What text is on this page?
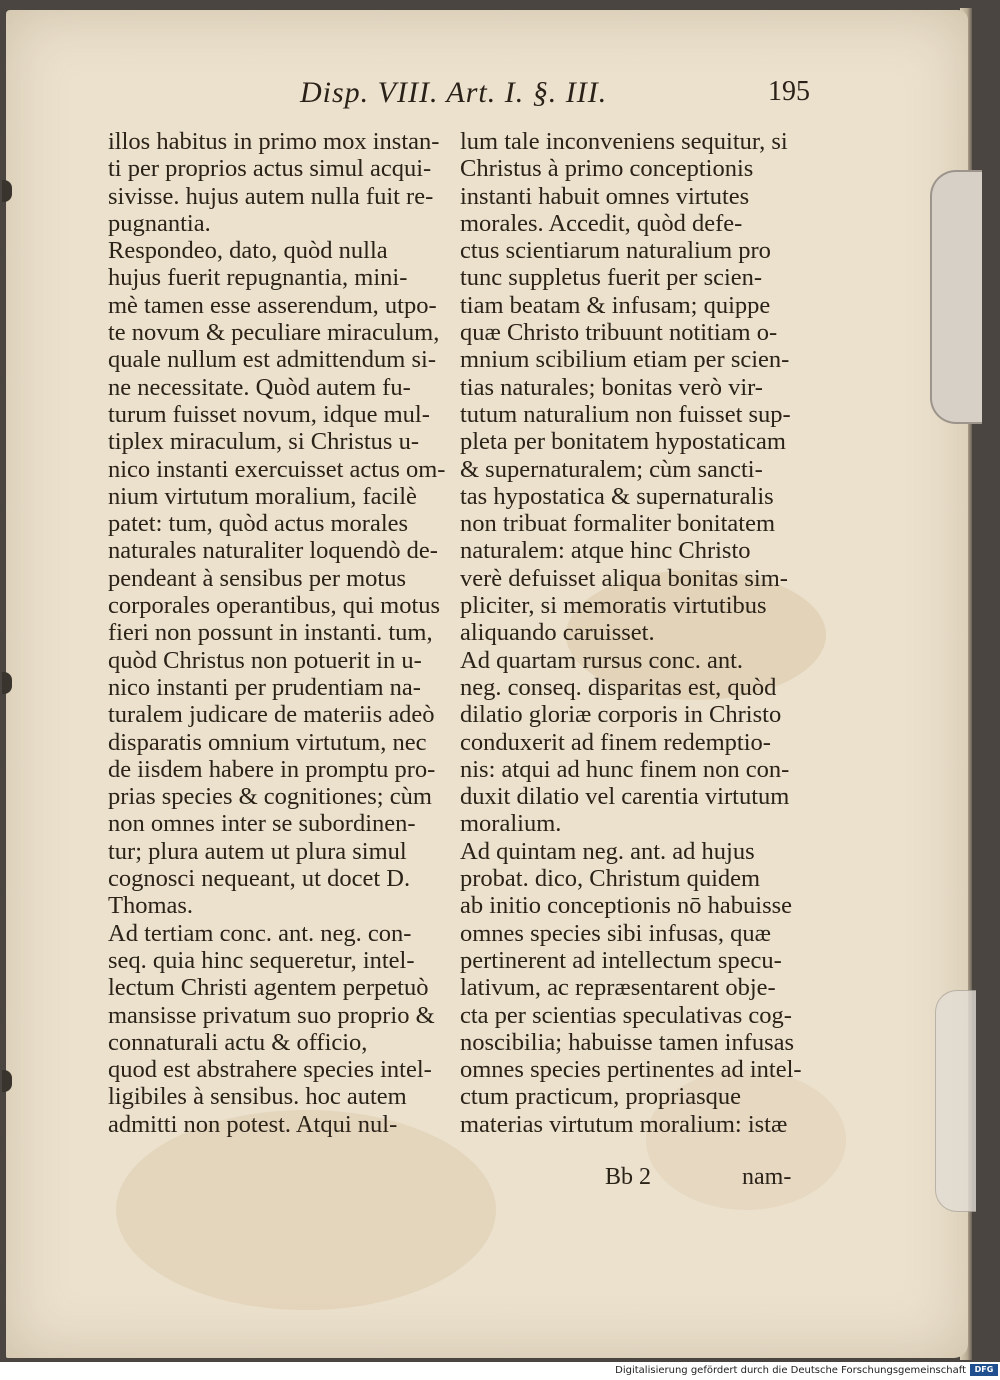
Disp. VIII. Art. I. §. III.	195
illos habitus in primo mox instan-
ti per proprios actus simul acqui-
sivisse. hujus autem nulla fuit re-
pugnantia.
Respondeo, dato, quòd nulla
hujus fuerit repugnantia, mini-
mè tamen esse asserendum, utpo-
te novum & peculiare miraculum,
quale nullum est admittendum si-
ne necessitate. Quòd autem fu-
turum fuisset novum, idque mul-
tiplex miraculum, si Christus u-
nico instanti exercuisset actus om-
nium virtutum moralium, facilè
patet: tum, quòd actus morales
naturales naturaliter loquendò de-
pendeant à sensibus per motus
corporales operantibus, qui motus
fieri non possunt in instanti. tum,
quòd Christus non potuerit in u-
nico instanti per prudentiam na-
turalem judicare de materiis adeò
disparatis omnium virtutum, nec
de iisdem habere in promptu pro-
prias species & cognitiones; cùm
non omnes inter se subordinen-
tur; plura autem ut plura simul
cognosci nequeant, ut docet D.
Thomas.
Ad tertiam conc. ant. neg. con-
seq. quia hinc sequeretur, intel-
lectum Christi agentem perpetuò
mansisse privatum suo proprio &
connaturali actu & officio,
quod est abstrahere species intel-
ligibiles à sensibus. hoc autem
admitti non potest. Atqui nul-
lum tale inconveniens sequitur, si
Christus à primo conceptionis
instanti habuit omnes virtutes
morales. Accedit, quòd defe-
ctus scientiarum naturalium pro
tunc suppletus fuerit per scien-
tiam beatam & infusam; quippe
quæ Christo tribuunt notitiam o-
mnium scibilium etiam per scien-
tias naturales; bonitas verò vir-
tutum naturalium non fuisset sup-
pleta per bonitatem hypostaticam
& supernaturalem; cùm sancti-
tas hypostatica & supernaturalis
non tribuat formaliter bonitatem
naturalem: atque hinc Christo
verè defuisset aliqua bonitas sim-
pliciter, si memoratis virtutibus
aliquando caruisset.
Ad quartam rursus conc. ant.
neg. conseq. disparitas est, quòd
dilatio gloriæ corporis in Christo
conduxerit ad finem redemptio-
nis: atqui ad hunc finem non con-
duxit dilatio vel carentia virtutum
moralium.
Ad quintam neg. ant. ad hujus
probat. dico, Christum quidem
ab initio conceptionis nō habuisse
omnes species sibi infusas, quæ
pertinerent ad intellectum specu-
lativum, ac repræsentarent obje-
cta per scientias speculativas cog-
noscibilia; habuisse tamen infusas
omnes species pertinentes ad intel-
ctum practicum, propriasque
materias virtutum moralium: istæ
Bb 2	nam-
Digitalisierung gefördert durch die Deutsche Forschungsgemeinschaft	DFG
